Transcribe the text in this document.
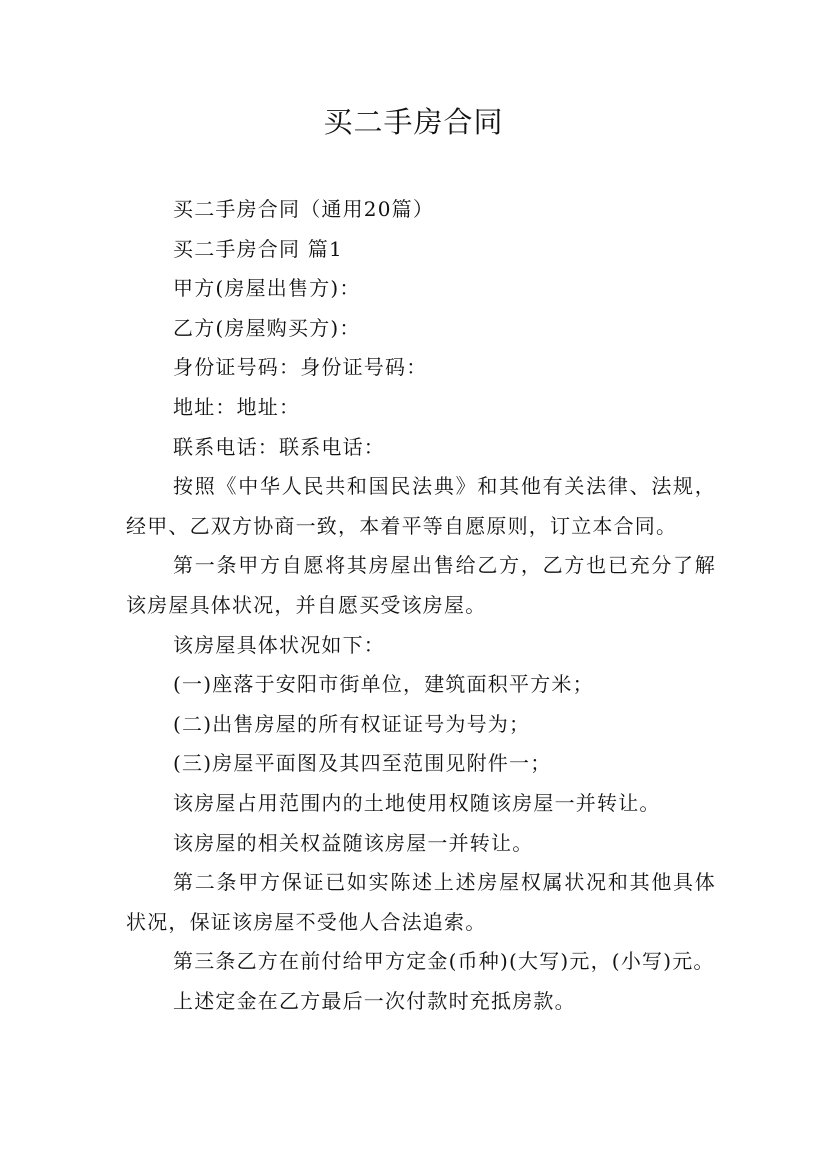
买二手房合同

买二手房合同（通用20篇）

买二手房合同 篇1

甲方(房屋出售方)：

乙方(房屋购买方)：

身份证号码：身份证号码：

地址：地址：

联系电话：联系电话：

按照《中华人民共和国民法典》和其他有关法律、法规，经甲、乙双方协商一致，本着平等自愿原则，订立本合同。

第一条甲方自愿将其房屋出售给乙方，乙方也已充分了解该房屋具体状况，并自愿买受该房屋。

该房屋具体状况如下：

(一)座落于安阳市街单位，建筑面积平方米；

(二)出售房屋的所有权证证号为号为；

(三)房屋平面图及其四至范围见附件一；

该房屋占用范围内的土地使用权随该房屋一并转让。

该房屋的相关权益随该房屋一并转让。

第二条甲方保证已如实陈述上述房屋权属状况和其他具体状况，保证该房屋不受他人合法追索。

第三条乙方在前付给甲方定金(币种)(大写)元，(小写)元。

上述定金在乙方最后一次付款时充抵房款。
